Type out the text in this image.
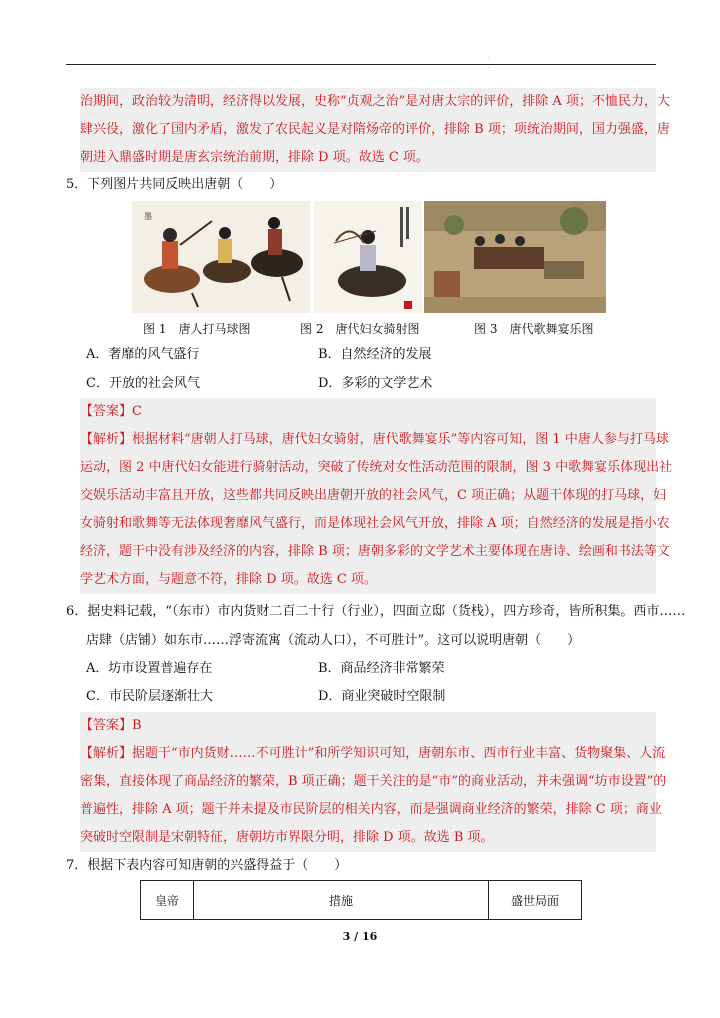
·
·
治期间，政治较为清明，经济得以发展，史称“贞观之治”是对唐太宗的评价，排除 A 项；不恤民力，大
肆兴役，激化了国内矛盾，激发了农民起义是对隋炀帝的评价，排除 B 项；项统治期间，国力强盛，唐
朝进入鼎盛时期是唐玄宗统治前期，排除 D 项。故选 C 项。
5．下列图片共同反映出唐朝（　　）
墨
图 1　唐人打马球图	图 2　唐代妇女骑射图	图 3　唐代歌舞宴乐图
A．奢靡的风气盛行	B．自然经济的发展
C．开放的社会风气	D．多彩的文学艺术
【答案】C
【解析】根据材料“唐朝人打马球，唐代妇女骑射，唐代歌舞宴乐”等内容可知，图 1 中唐人参与打马球
运动，图 2 中唐代妇女能进行骑射活动，突破了传统对女性活动范围的限制，图 3 中歌舞宴乐体现出社
交娱乐活动丰富且开放，这些都共同反映出唐朝开放的社会风气，C 项正确；从题干体现的打马球，妇
女骑射和歌舞等无法体现奢靡风气盛行，而是体现社会风气开放，排除 A 项；自然经济的发展是指小农
经济，题干中没有涉及经济的内容，排除 B 项；唐朝多彩的文学艺术主要体现在唐诗、绘画和书法等文
学艺术方面，与题意不符，排除 D 项。故选 C 项。
6．据史料记载，“（东市）市内货财二百二十行（行业），四面立邸（货栈），四方珍奇，皆所积集。西市……
店肆（店铺）如东市……浮寄流寓（流动人口），不可胜计”。这可以说明唐朝（　　）
A．坊市设置普遍存在	B．商品经济非常繁荣
C．市民阶层逐渐壮大	D．商业突破时空限制
【答案】B
【解析】据题干“市内货财……不可胜计”和所学知识可知，唐朝东市、西市行业丰富、货物聚集、人流
密集，直接体现了商品经济的繁荣，B 项正确；题干关注的是“市”的商业活动，并未强调“坊市设置”的
普遍性，排除 A 项；题干并未提及市民阶层的相关内容，而是强调商业经济的繁荣，排除 C 项；商业
突破时空限制是宋朝特征，唐朝坊市界限分明，排除 D 项。故选 B 项。
7．根据下表内容可知唐朝的兴盛得益于（　　）
皇帝	措施	盛世局面
3 / 16
